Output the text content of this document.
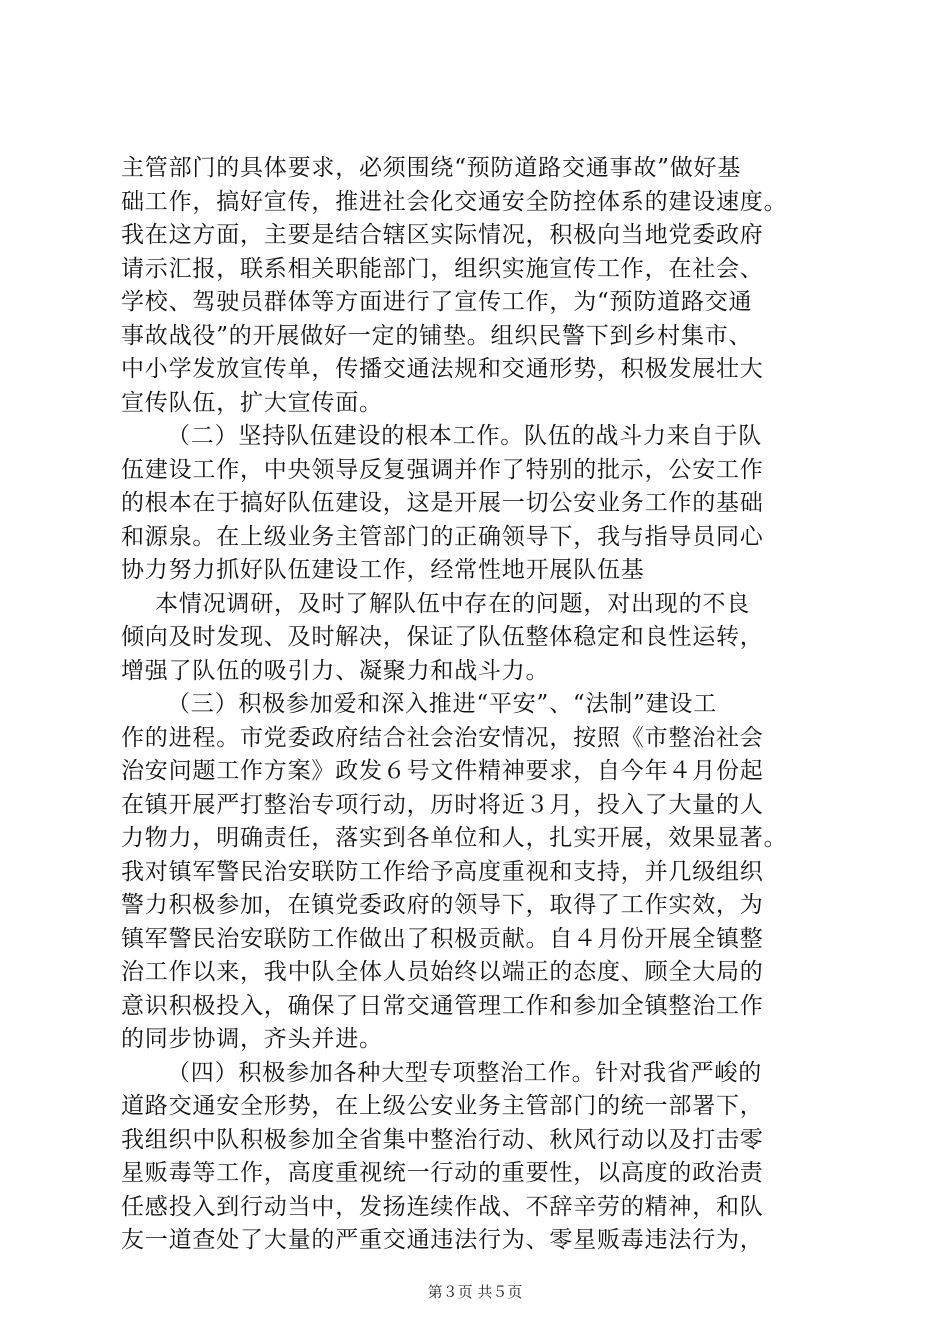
主管部门的具体要求，必须围绕“预防道路交通事故”做好基
础工作，搞好宣传，推进社会化交通安全防控体系的建设速度。
我在这方面，主要是结合辖区实际情况，积极向当地党委政府
请示汇报，联系相关职能部门，组织实施宣传工作，在社会、
学校、驾驶员群体等方面进行了宣传工作，为“预防道路交通
事故战役”的开展做好一定的铺垫。组织民警下到乡村集市、
中小学发放宣传单，传播交通法规和交通形势，积极发展壮大
宣传队伍，扩大宣传面。
（二）坚持队伍建设的根本工作。队伍的战斗力来自于队
伍建设工作，中央领导反复强调并作了特别的批示，公安工作
的根本在于搞好队伍建设，这是开展一切公安业务工作的基础
和源泉。在上级业务主管部门的正确领导下，我与指导员同心
协力努力抓好队伍建设工作，经常性地开展队伍基
本情况调研，及时了解队伍中存在的问题，对出现的不良
倾向及时发现、及时解决，保证了队伍整体稳定和良性运转，
增强了队伍的吸引力、凝聚力和战斗力。
（三）积极参加爱和深入推进“平安”、“法制”建设工
作的进程。市党委政府结合社会治安情况，按照《市整治社会
治安问题工作方案》政发６号文件精神要求，自今年４月份起
在镇开展严打整治专项行动，历时将近３月，投入了大量的人
力物力，明确责任，落实到各单位和人，扎实开展，效果显著。
我对镇军警民治安联防工作给予高度重视和支持，并几级组织
警力积极参加，在镇党委政府的领导下，取得了工作实效，为
镇军警民治安联防工作做出了积极贡献。自４月份开展全镇整
治工作以来，我中队全体人员始终以端正的态度、顾全大局的
意识积极投入，确保了日常交通管理工作和参加全镇整治工作
的同步协调，齐头并进。
（四）积极参加各种大型专项整治工作。针对我省严峻的
道路交通安全形势，在上级公安业务主管部门的统一部署下，
我组织中队积极参加全省集中整治行动、秋风行动以及打击零
星贩毒等工作，高度重视统一行动的重要性，以高度的政治责
任感投入到行动当中，发扬连续作战、不辞辛劳的精神，和队
友一道查处了大量的严重交通违法行为、零星贩毒违法行为，
第３页 共５页
